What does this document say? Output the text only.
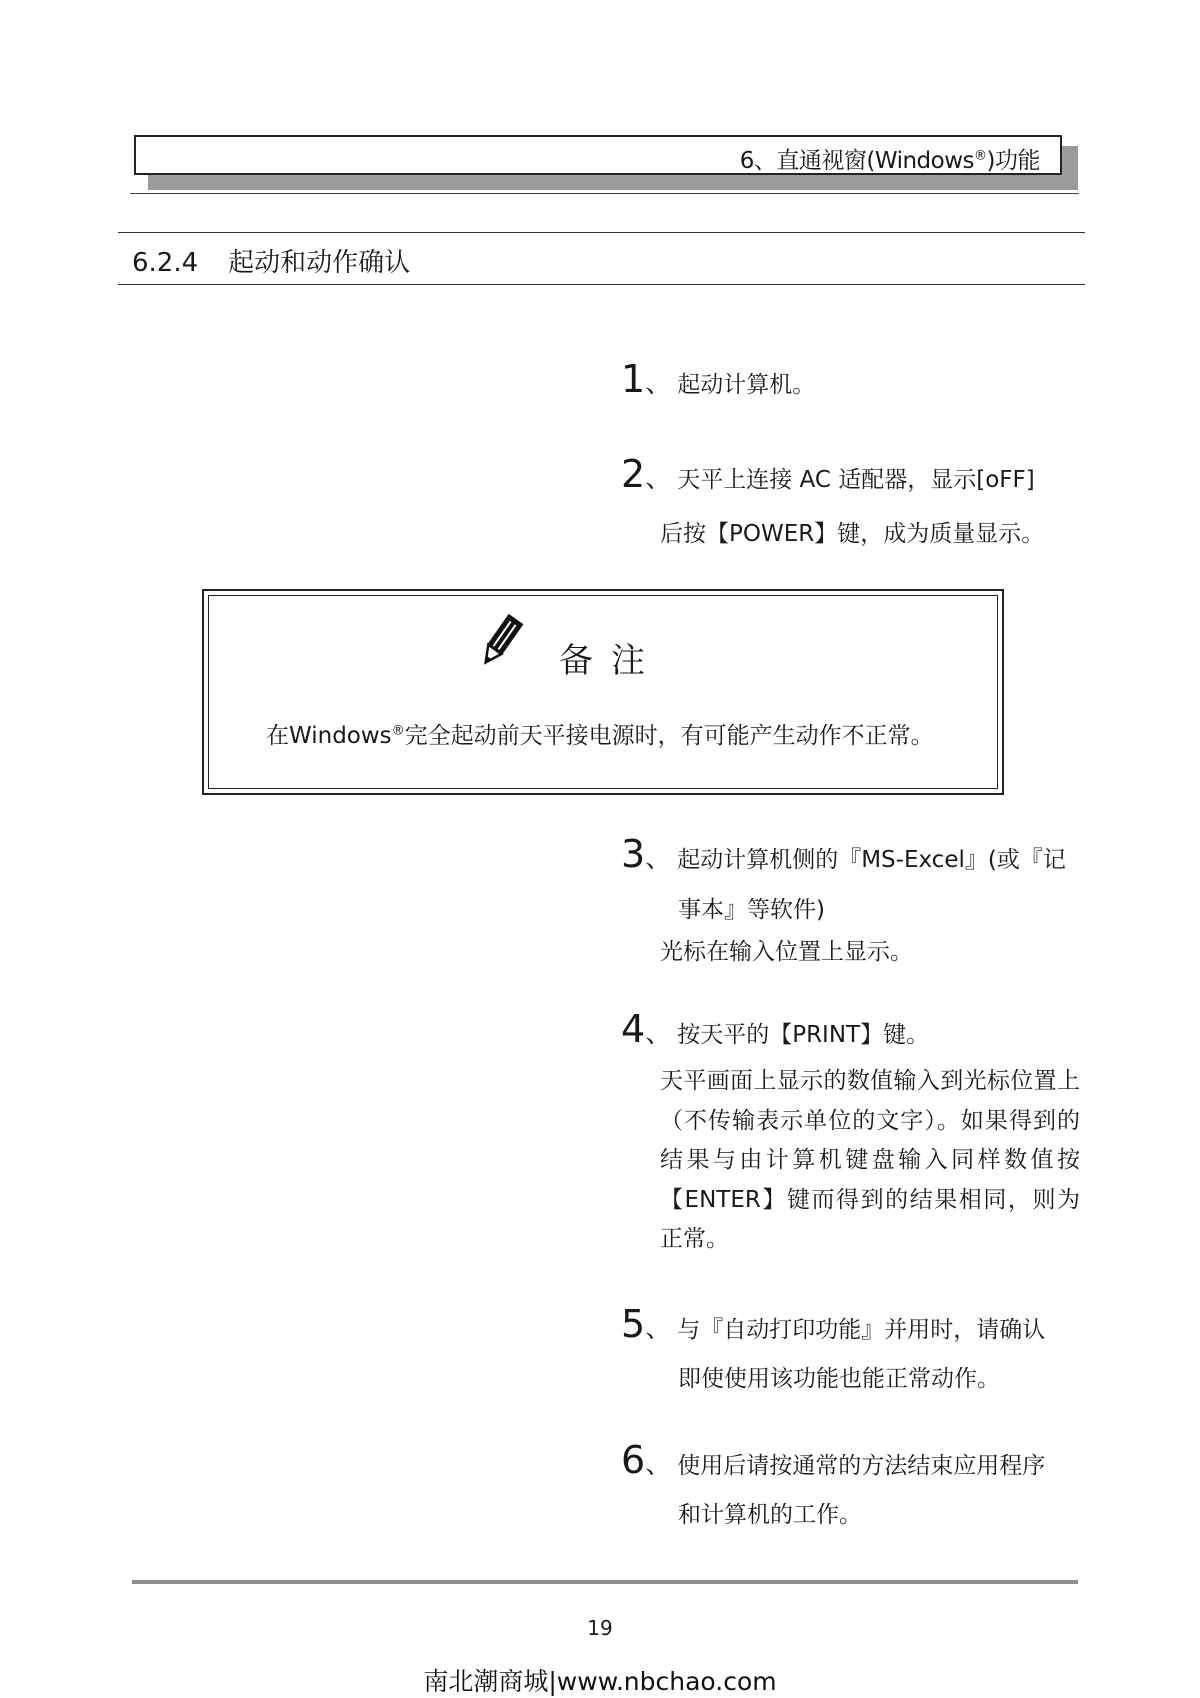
6、直通视窗(Windows®)功能
6.2.4 起动和动作确认
1 、 起动计算机。
2 、 天平上连接 AC 适配器，显示[oFF]
后按【POWER】键，成为质量显示。
备注
在Windows®完全起动前天平接电源时，有可能产生动作不正常。
3 、 起动计算机侧的『MS-Excel』(或『记
事本』等软件)
光标在输入位置上显示。
4 、 按天平的【PRINT】键。
天平画面上显示的数值输入到光标位置上（不传输表示单位的文字）。如果得到的结果与由计算机键盘输入同样数值按【ENTER】键而得到的结果相同，则为正常。
5 、 与『自动打印功能』并用时，请确认
即使使用该功能也能正常动作。
6 、 使用后请按通常的方法结束应用程序
和计算机的工作。
19
南北潮商城|www.nbchao.com
